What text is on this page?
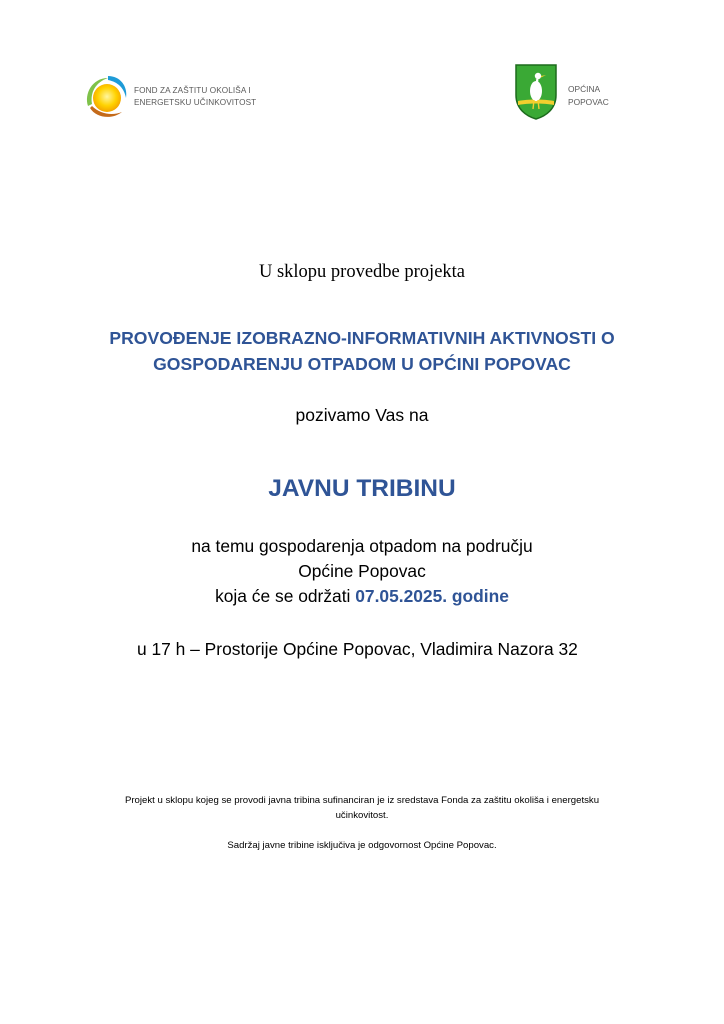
FOND ZA ZAŠTITU OKOLIŠA I
ENERGETSKU UČINKOVITOST
OPĆINA
POPOVAC
U sklopu provedbe projekta
PROVOĐENJE IZOBRAZNO-INFORMATIVNIH AKTIVNOSTI O
GOSPODARENJU OTPADOM U OPĆINI POPOVAC
pozivamo Vas na
JAVNU TRIBINU
na temu gospodarenja otpadom na području
Općine Popovac
koja će se održati 07.05.2025. godine
u 17 h – Prostorije Općine Popovac, Vladimira Nazora 32
Projekt u sklopu kojeg se provodi javna tribina sufinanciran je iz sredstava Fonda za zaštitu okoliša i energetsku
učinkovitost.
Sadržaj javne tribine isključiva je odgovornost Općine Popovac.
